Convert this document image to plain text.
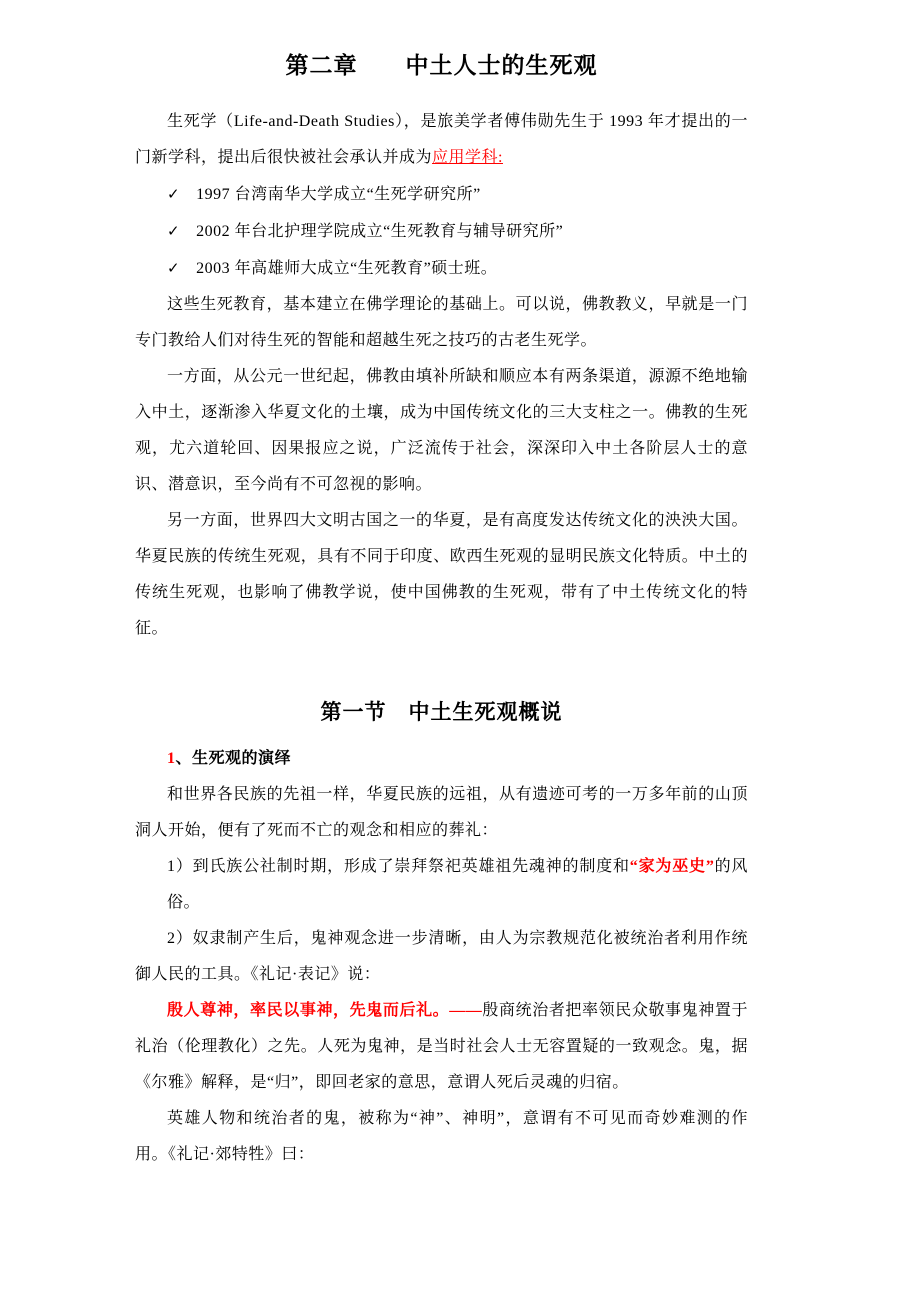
第二章　　中土人士的生死观
生死学（Life-and-Death Studies），是旅美学者傅伟勋先生于 1993 年才提出的一门新学科，提出后很快被社会承认并成为应用学科:
✓ 1997 台湾南华大学成立“生死学研究所”
✓ 2002 年台北护理学院成立“生死教育与辅导研究所”
✓ 2003 年高雄师大成立“生死教育”硕士班。
这些生死教育，基本建立在佛学理论的基础上。可以说，佛教教义，早就是一门专门教给人们对待生死的智能和超越生死之技巧的古老生死学。
一方面，从公元一世纪起，佛教由填补所缺和顺应本有两条渠道，源源不绝地输入中土，逐渐渗入华夏文化的土壤，成为中国传统文化的三大支柱之一。佛教的生死观，尤六道轮回、因果报应之说，广泛流传于社会，深深印入中土各阶层人士的意识、潜意识，至今尚有不可忽视的影响。
另一方面，世界四大文明古国之一的华夏，是有高度发达传统文化的泱泱大国。华夏民族的传统生死观，具有不同于印度、欧西生死观的显明民族文化特质。中土的传统生死观，也影响了佛教学说，使中国佛教的生死观，带有了中土传统文化的特征。
第一节　中土生死观概说
1、生死观的演绎
和世界各民族的先祖一样，华夏民族的远祖，从有遗迹可考的一万多年前的山顶洞人开始，便有了死而不亡的观念和相应的葬礼：
1）到氏族公社制时期，形成了崇拜祭祀英雄祖先魂神的制度和“家为巫史”的风俗。
2）奴隶制产生后，鬼神观念进一步清晰，由人为宗教规范化被统治者利用作统御人民的工具。《礼记·表记》说：
殷人尊神，率民以事神，先鬼而后礼。——殷商统治者把率领民众敬事鬼神置于礼治（伦理教化）之先。人死为鬼神，是当时社会人士无容置疑的一致观念。鬼，据《尔雅》解释，是“归”，即回老家的意思，意谓人死后灵魂的归宿。
英雄人物和统治者的鬼，被称为“神”、神明”，意谓有不可见而奇妙难测的作用。《礼记·郊特牲》曰：
